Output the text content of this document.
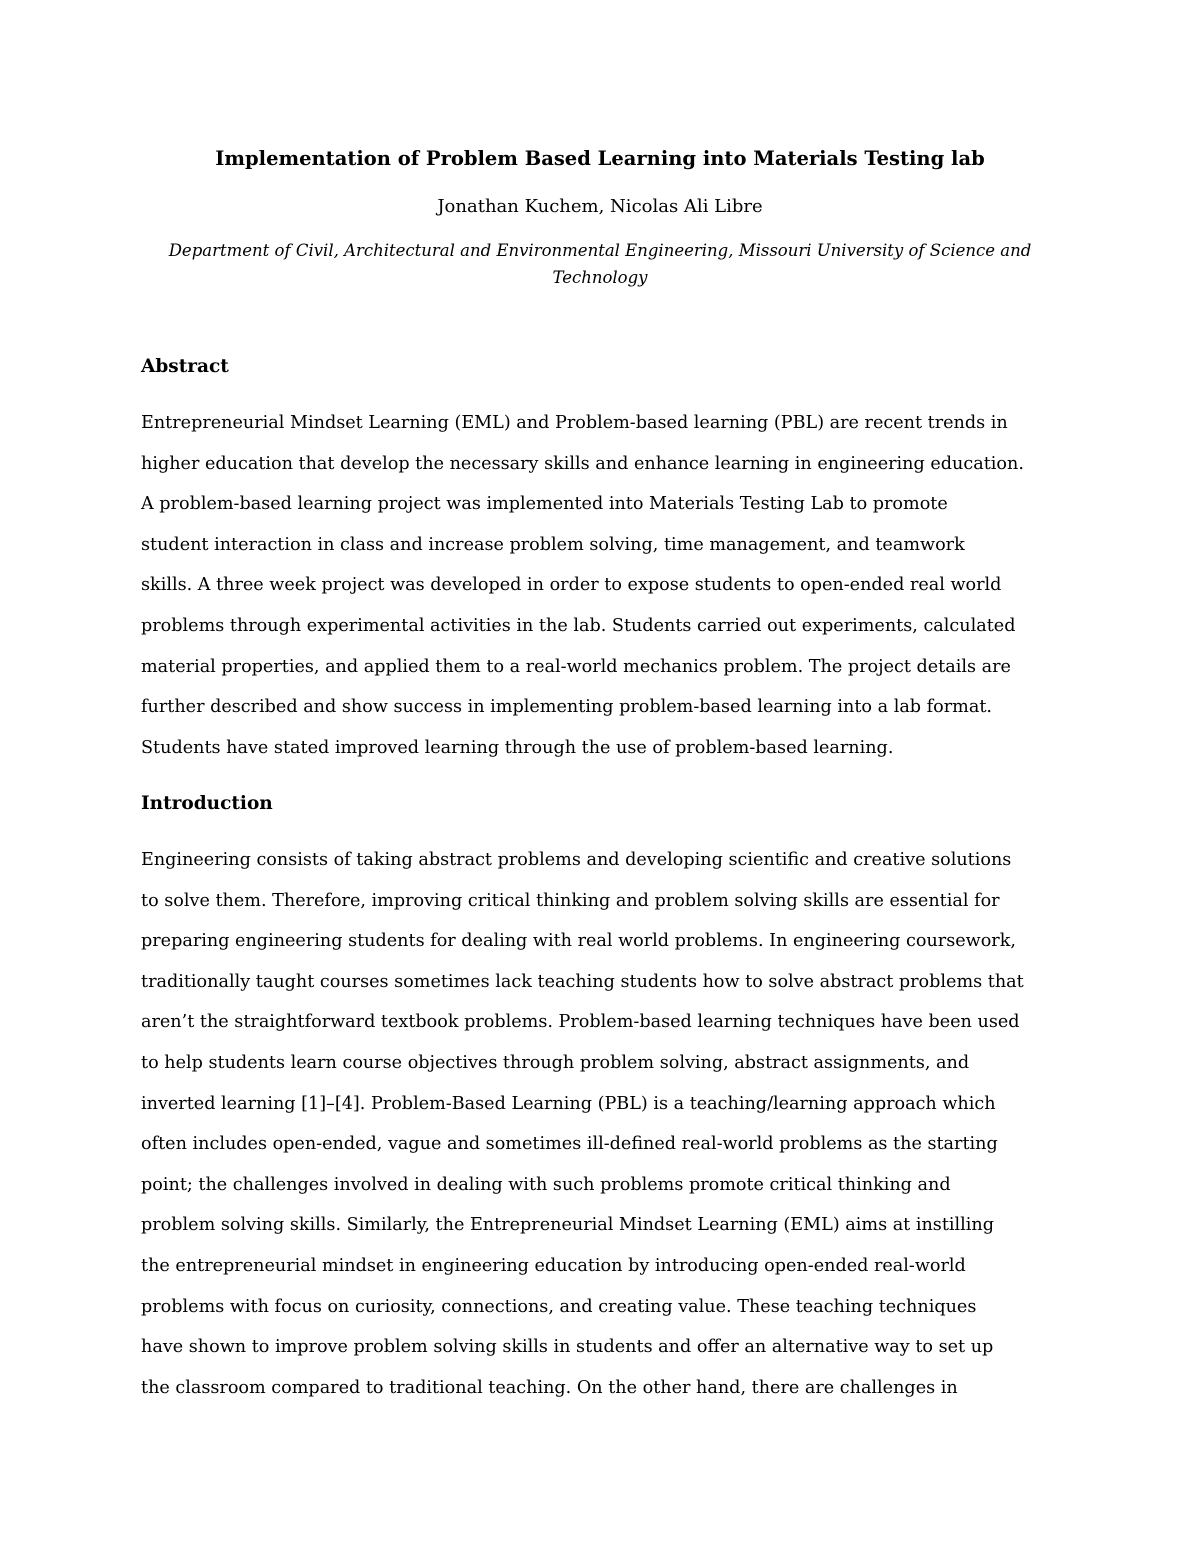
Implementation of Problem Based Learning into Materials Testing lab

Jonathan Kuchem, Nicolas Ali Libre

Department of Civil, Architectural and Environmental Engineering, Missouri University of Science and
Technology

Abstract

Entrepreneurial Mindset Learning (EML) and Problem-based learning (PBL) are recent trends in
higher education that develop the necessary skills and enhance learning in engineering education.
A problem-based learning project was implemented into Materials Testing Lab to promote
student interaction in class and increase problem solving, time management, and teamwork
skills. A three week project was developed in order to expose students to open-ended real world
problems through experimental activities in the lab. Students carried out experiments, calculated
material properties, and applied them to a real-world mechanics problem. The project details are
further described and show success in implementing problem-based learning into a lab format.
Students have stated improved learning through the use of problem-based learning.

Introduction

Engineering consists of taking abstract problems and developing scientific and creative solutions
to solve them. Therefore, improving critical thinking and problem solving skills are essential for
preparing engineering students for dealing with real world problems. In engineering coursework,
traditionally taught courses sometimes lack teaching students how to solve abstract problems that
aren’t the straightforward textbook problems. Problem-based learning techniques have been used
to help students learn course objectives through problem solving, abstract assignments, and
inverted learning [1]–[4]. Problem-Based Learning (PBL) is a teaching/learning approach which
often includes open-ended, vague and sometimes ill-defined real-world problems as the starting
point; the challenges involved in dealing with such problems promote critical thinking and
problem solving skills. Similarly, the Entrepreneurial Mindset Learning (EML) aims at instilling
the entrepreneurial mindset in engineering education by introducing open-ended real-world
problems with focus on curiosity, connections, and creating value. These teaching techniques
have shown to improve problem solving skills in students and offer an alternative way to set up
the classroom compared to traditional teaching. On the other hand, there are challenges in
